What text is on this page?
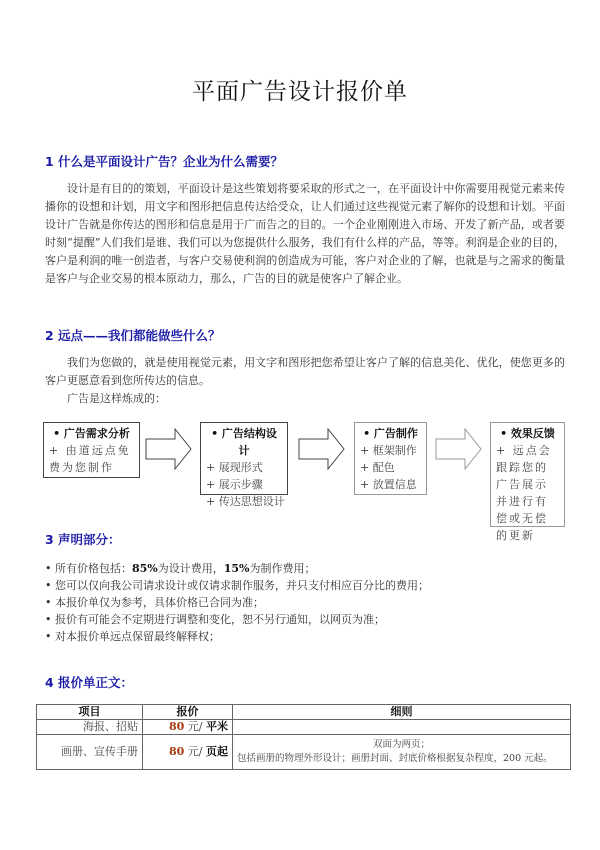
平面广告设计报价单
1 什么是平面设计广告？企业为什么需要？

设计是有目的的策划，平面设计是这些策划将要采取的形式之一，在平面设计中你需要用视觉元素来传播你的设想和计划，用文字和图形把信息传达给受众，让人们通过这些视觉元素了解你的设想和计划。平面设计广告就是你传达的图形和信息是用于广而告之的目的。一个企业刚刚进入市场、开发了新产品，或者要时刻“提醒”人们我们是谁、我们可以为您提供什么服务，我们有什么样的产品，等等。利润是企业的目的，客户是利润的唯一创造者，与客户交易使利润的创造成为可能，客户对企业的了解，也就是与之需求的衡量是客户与企业交易的根本原动力，那么，广告的目的就是使客户了解企业。

2 远点——我们都能做些什么？

我们为您做的，就是使用视觉元素，用文字和图形把您希望让客户了解的信息美化、优化，使您更多的客户更愿意看到您所传达的信息。

广告是这样炼成的：

• 广告需求分析
+ 由道远点免费为您制作
• 广告结构设计
+ 展现形式
+ 展示步骤
+ 传达思想设计
• 广告制作
+ 框架制作
+ 配色
+ 放置信息
• 效果反馈
+ 远点会跟踪您的广告展示并进行有偿或无偿的更新
3 声明部分：
• 所有价格包括：85%为设计费用，15%为制作费用；
• 您可以仅向我公司请求设计或仅请求制作服务，并只支付相应百分比的费用；
• 本报价单仅为参考，具体价格已合同为准；
• 报价有可能会不定期进行调整和变化，恕不另行通知，以网页为准；
• 对本报价单远点保留最终解释权；
4 报价单正文：
项目	报价	细则
海报、招贴	80 元/ 平米	
画册、宣传手册	80 元/ 页起	双面为两页；
包括画册的物理外形设计；画册封面、封底价格根据复杂程度，200 元起。
